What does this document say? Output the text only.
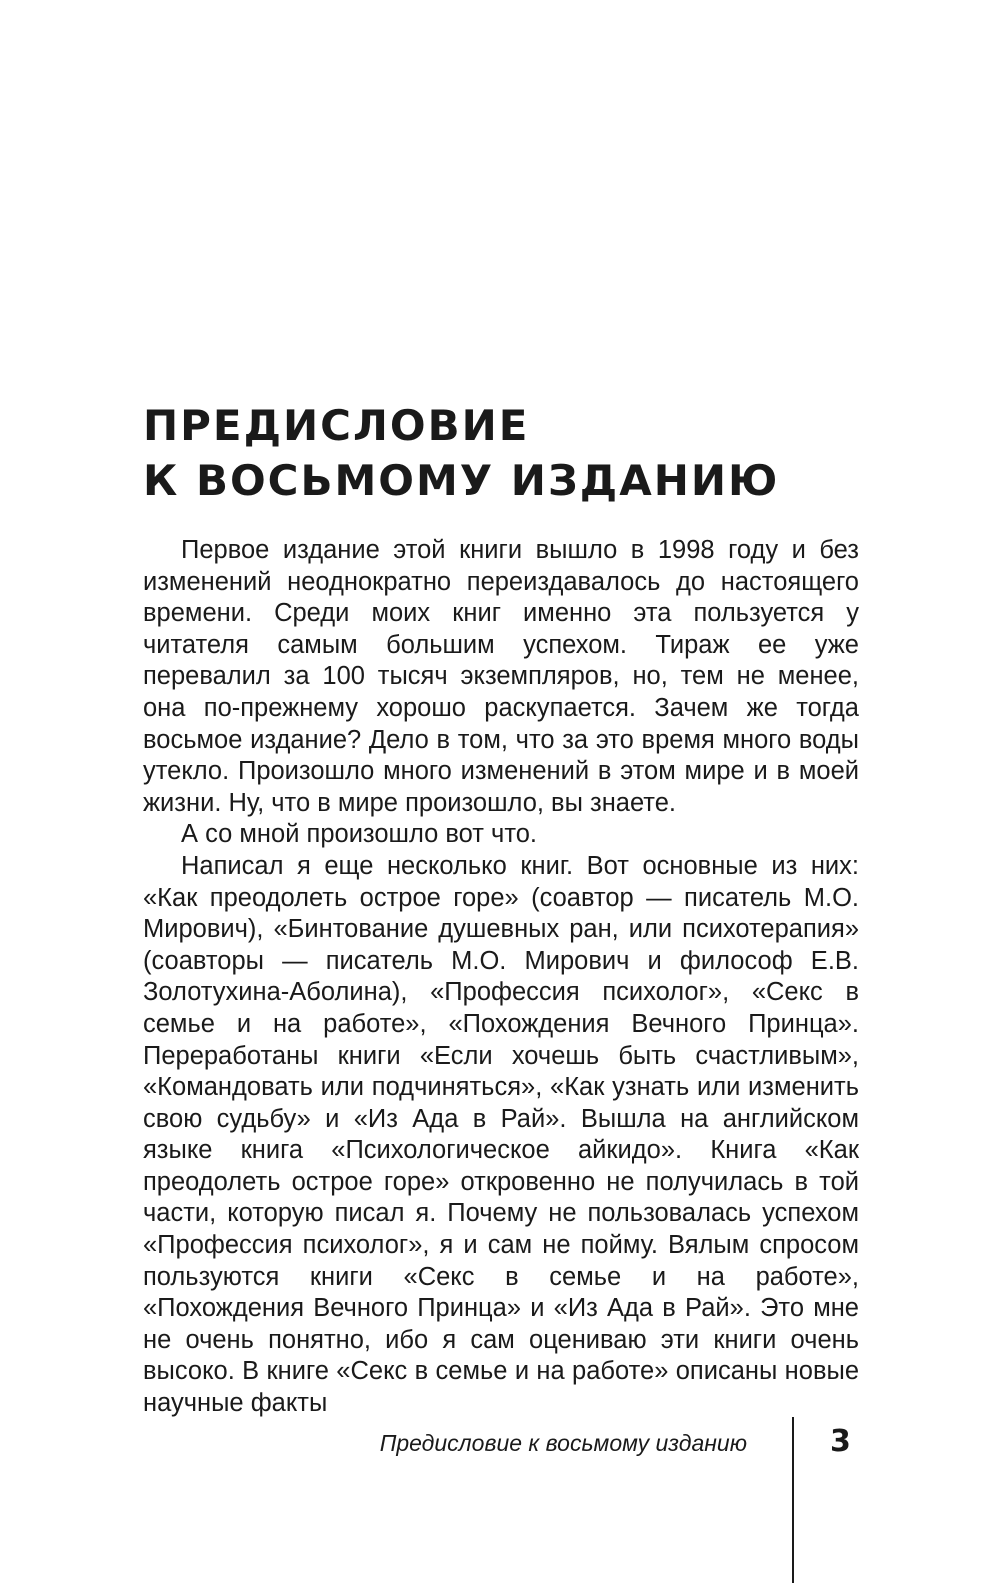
ПРЕДИСЛОВИЕ
К ВОСЬМОМУ ИЗДАНИЮ

Первое издание этой книги вышло в 1998 году и без изменений неоднократно переиздавалось до настоящего времени. Среди моих книг именно эта пользуется у читателя самым большим успехом. Тираж ее уже перевалил за 100 тысяч экземпляров, но, тем не менее, она по-прежнему хорошо раскупается. Зачем же тогда восьмое издание? Дело в том, что за это время много воды утекло. Произошло много изменений в этом мире и в моей жизни. Ну, что в мире произошло, вы знаете.

А со мной произошло вот что.

Написал я еще несколько книг. Вот основные из них: «Как преодолеть острое горе» (соавтор — писатель М.О. Мирович), «Бинтование душевных ран, или психотерапия» (соавторы — писатель М.О. Мирович и философ Е.В. Золотухина-Аболина), «Профессия психолог», «Секс в семье и на работе», «Похождения Вечного Принца». Переработаны книги «Если хочешь быть счастливым», «Командовать или подчиняться», «Как узнать или изменить свою судьбу» и «Из Ада в Рай». Вышла на английском языке книга «Психологическое айкидо». Книга «Как преодолеть острое горе» откровенно не получилась в той части, которую писал я. Почему не пользовалась успехом «Профессия психолог», я и сам не пойму. Вялым спросом пользуются книги «Секс в семье и на работе», «Похождения Вечного Принца» и «Из Ада в Рай». Это мне не очень понятно, ибо я сам оцениваю эти книги очень высоко. В книге «Секс в семье и на работе» описаны новые научные факты

Предисловие к восьмому изданию	3
